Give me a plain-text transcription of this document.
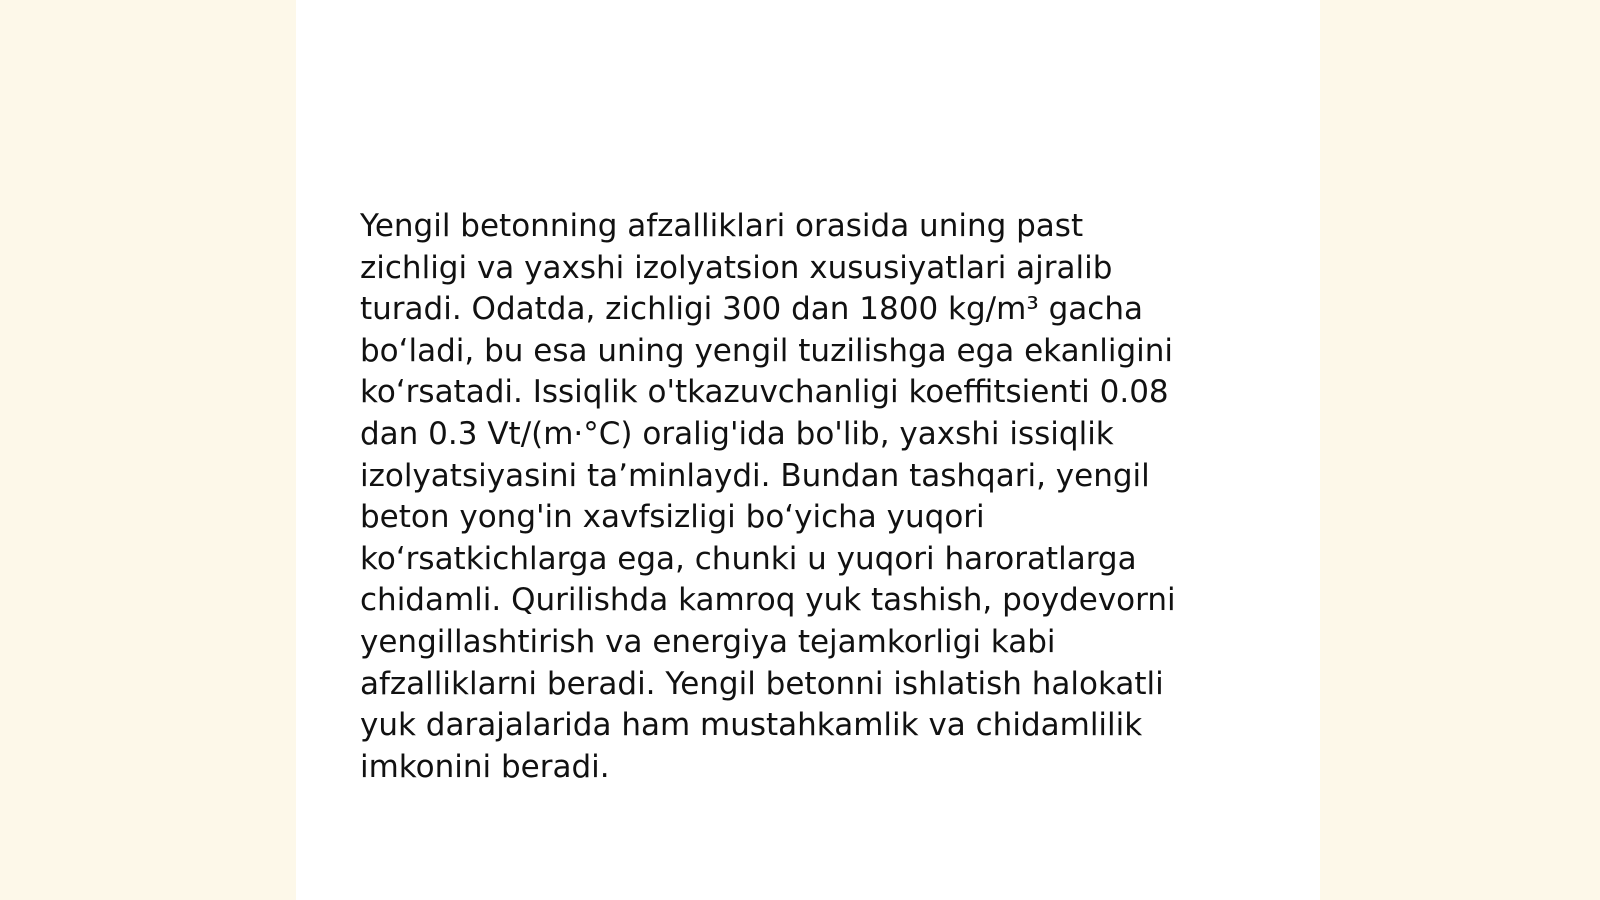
Yengil betonning afzalliklari orasida uning past
zichligi va yaxshi izolyatsion xususiyatlari ajralib
turadi. Odatda, zichligi 300 dan 1800 kg/m³ gacha
boʻladi, bu esa uning yengil tuzilishga ega ekanligini
koʻrsatadi. Issiqlik o'tkazuvchanligi koeffitsienti 0.08
dan 0.3 Vt/(m·°C) oralig'ida bo'lib, yaxshi issiqlik
izolyatsiyasini taʼminlaydi. Bundan tashqari, yengil
beton yong'in xavfsizligi boʻyicha yuqori
koʻrsatkichlarga ega, chunki u yuqori haroratlarga
chidamli. Qurilishda kamroq yuk tashish, poydevorni
yengillashtirish va energiya tejamkorligi kabi
afzalliklarni beradi. Yengil betonni ishlatish halokatli
yuk darajalarida ham mustahkamlik va chidamlilik
imkonini beradi.
